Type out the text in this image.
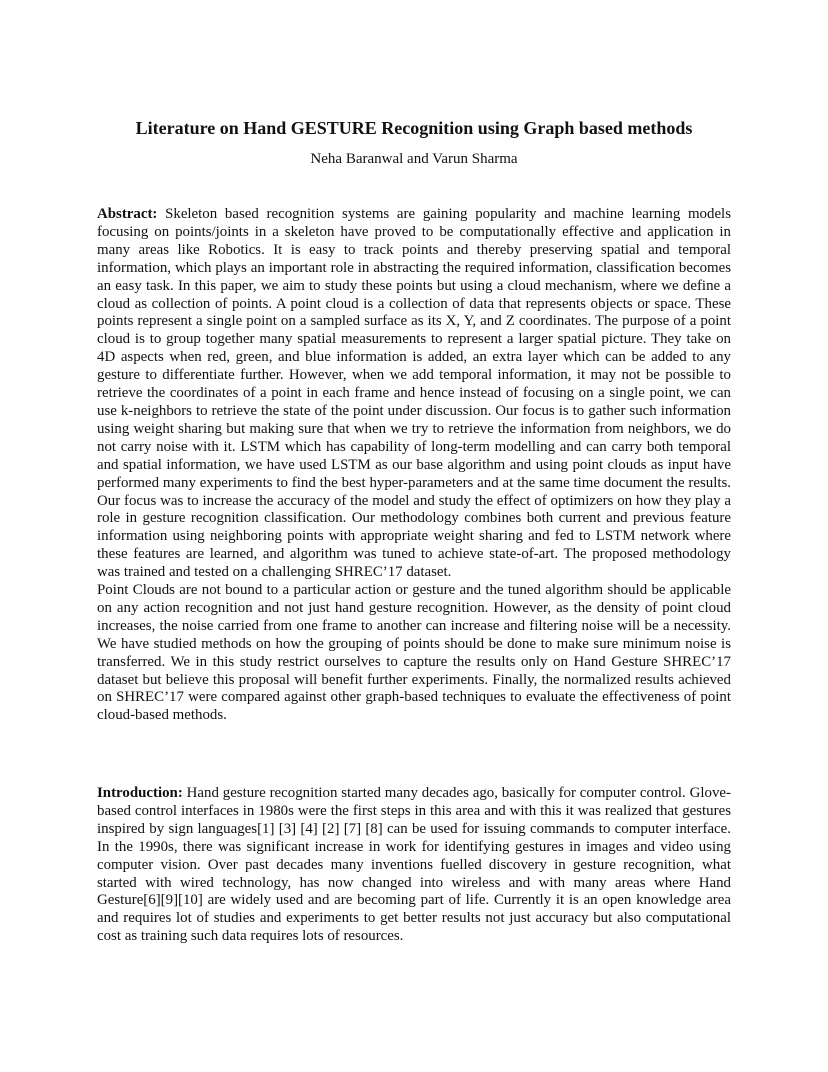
Literature on Hand GESTURE Recognition using Graph based methods

Neha Baranwal and Varun Sharma

Abstract: Skeleton based recognition systems are gaining popularity and machine learning models focusing on points/joints in a skeleton have proved to be computationally effective and application in many areas like Robotics. It is easy to track points and thereby preserving spatial and temporal information, which plays an important role in abstracting the required information, classification becomes an easy task. In this paper, we aim to study these points but using a cloud mechanism, where we define a cloud as collection of points. A point cloud is a collection of data that represents objects or space. These points represent a single point on a sampled surface as its X, Y, and Z coordinates. The purpose of a point cloud is to group together many spatial measurements to represent a larger spatial picture. They take on 4D aspects when red, green, and blue information is added, an extra layer which can be added to any gesture to differentiate further. However, when we add temporal information, it may not be possible to retrieve the coordinates of a point in each frame and hence instead of focusing on a single point, we can use k-neighbors to retrieve the state of the point under discussion. Our focus is to gather such information using weight sharing but making sure that when we try to retrieve the information from neighbors, we do not carry noise with it. LSTM which has capability of long-term modelling and can carry both temporal and spatial information, we have used LSTM as our base algorithm and using point clouds as input have performed many experiments to find the best hyper-parameters and at the same time document the results. Our focus was to increase the accuracy of the model and study the effect of optimizers on how they play a role in gesture recognition classification. Our methodology combines both current and previous feature information using neighboring points with appropriate weight sharing and fed to LSTM network where these features are learned, and algorithm was tuned to achieve state-of-art. The proposed methodology was trained and tested on a challenging SHREC’17 dataset.

Point Clouds are not bound to a particular action or gesture and the tuned algorithm should be applicable on any action recognition and not just hand gesture recognition. However, as the density of point cloud increases, the noise carried from one frame to another can increase and filtering noise will be a necessity. We have studied methods on how the grouping of points should be done to make sure minimum noise is transferred. We in this study restrict ourselves to capture the results only on Hand Gesture SHREC’17 dataset but believe this proposal will benefit further experiments. Finally, the normalized results achieved on SHREC’17 were compared against other graph-based techniques to evaluate the effectiveness of point cloud-based methods.

Introduction: Hand gesture recognition started many decades ago, basically for computer control. Glove-based control interfaces in 1980s were the first steps in this area and with this it was realized that gestures inspired by sign languages[1] [3] [4] [2] [7] [8] can be used for issuing commands to computer interface. In the 1990s, there was significant increase in work for identifying gestures in images and video using computer vision. Over past decades many inventions fuelled discovery in gesture recognition, what started with wired technology, has now changed into wireless and with many areas where Hand Gesture[6][9][10] are widely used and are becoming part of life. Currently it is an open knowledge area and requires lot of studies and experiments to get better results not just accuracy but also computational cost as training such data requires lots of resources.
